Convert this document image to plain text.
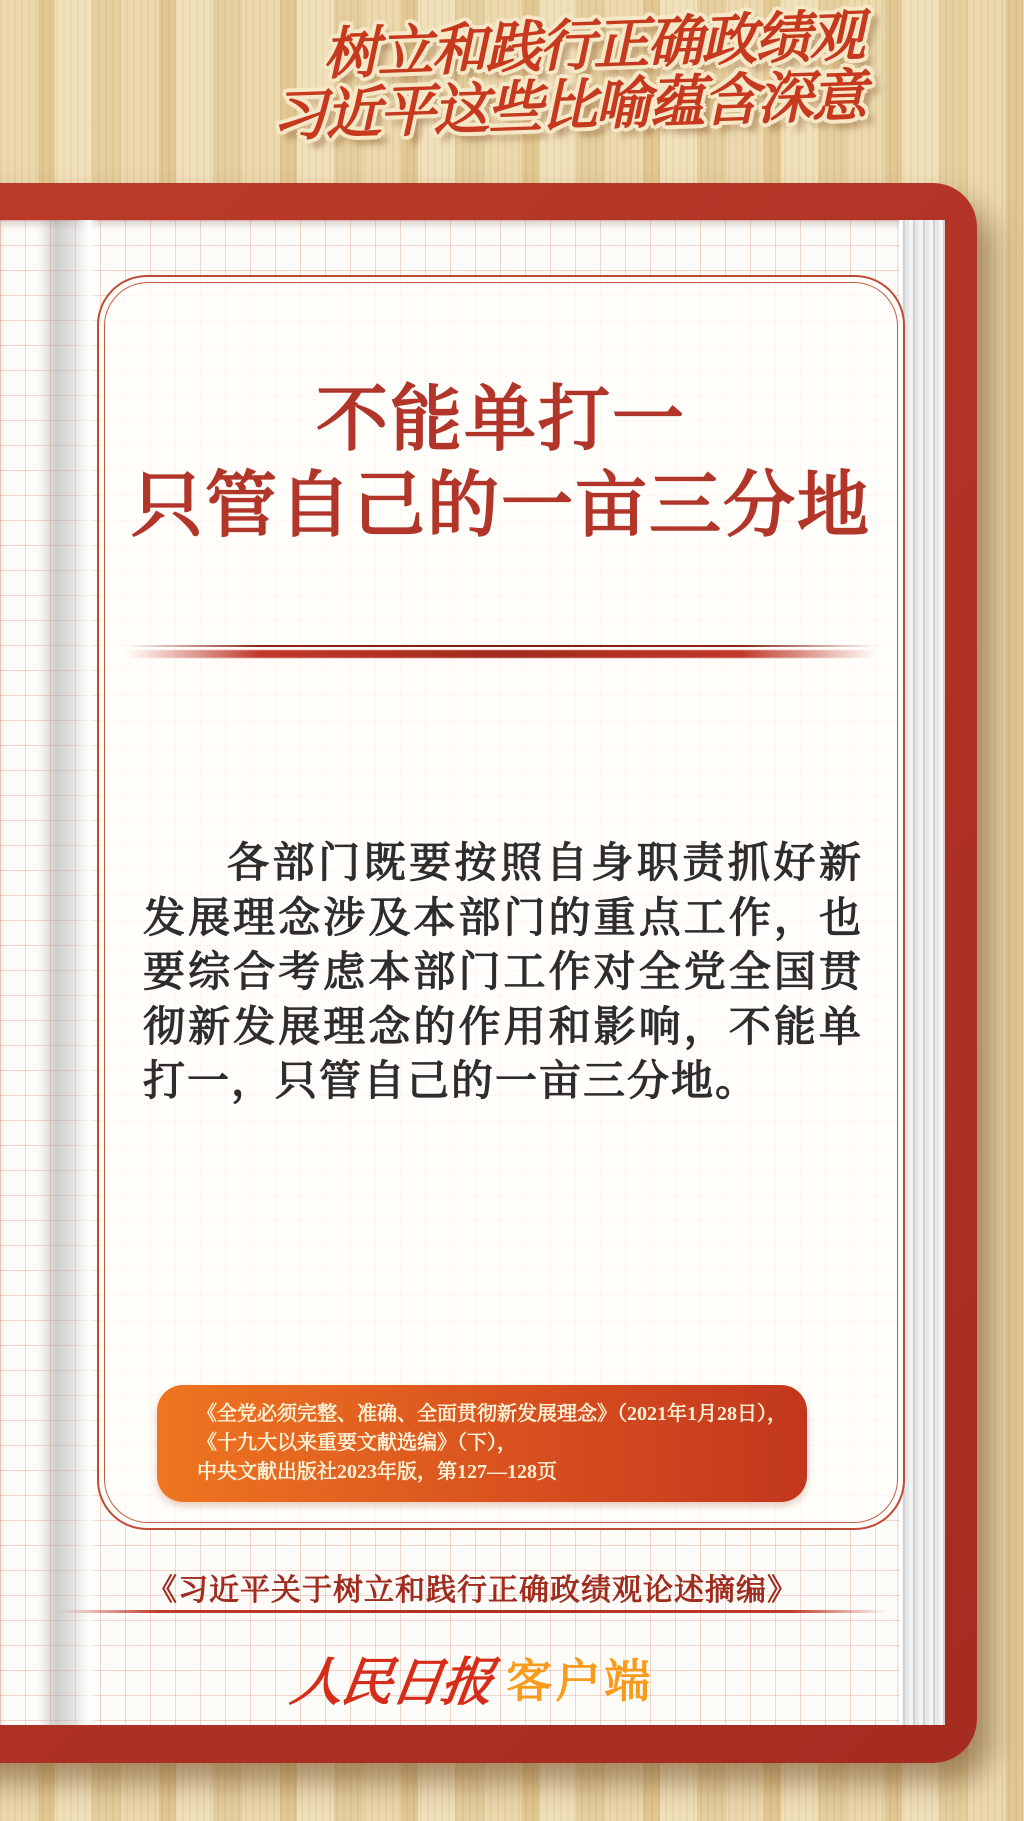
树立和践行正确政绩观
习近平这些比喻蕴含深意
不能单打一
只管自己的一亩三分地

各部门既要按照自身职责抓好新发展理念涉及本部门的重点工作，也要综合考虑本部门工作对全党全国贯彻新发展理念的作用和影响，不能单打一，只管自己的一亩三分地。

《全党必须完整、准确、全面贯彻新发展理念》（2021年1月28日），
《十九大以来重要文献选编》（下），
中央文献出版社2023年版，第127—128页
《习近平关于树立和践行正确政绩观论述摘编》
人民日报 客户端
